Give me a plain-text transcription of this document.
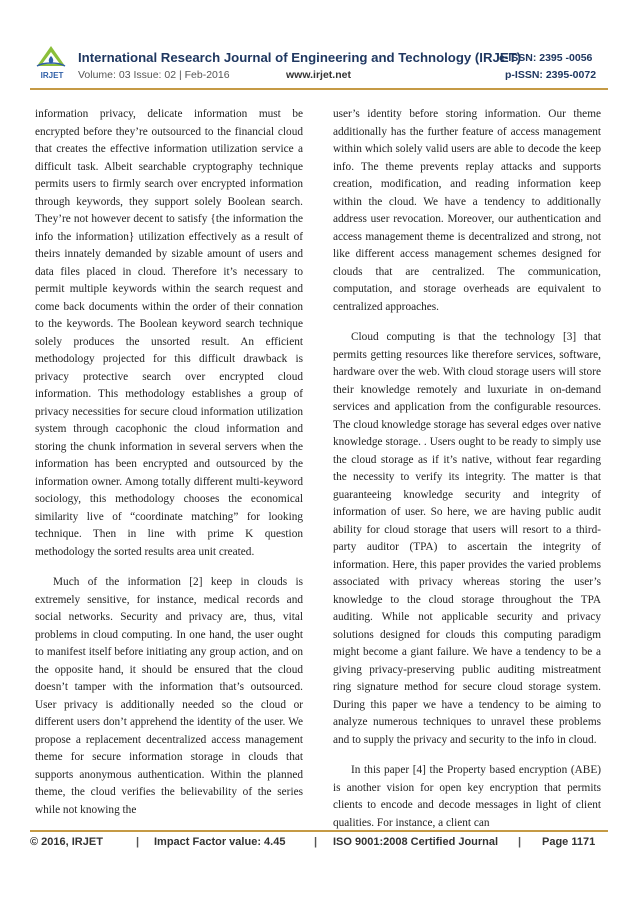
IRJET
International Research Journal of Engineering and Technology (IRJET)
Volume: 03 Issue: 02 | Feb-2016	www.irjet.net
e-ISSN: 2395 -0056
p-ISSN: 2395-0072

information privacy, delicate information must be encrypted before they’re outsourced to the financial cloud that creates the effective information utilization service a difficult task. Albeit searchable cryptography technique permits users to firmly search over encrypted information through keywords, they support solely Boolean search. They’re not however decent to satisfy {the information the info the information} utilization effectively as a result of theirs innately demanded by sizable amount of users and data files placed in cloud. Therefore it’s necessary to permit multiple keywords within the search request and come back documents within the order of their connation to the keywords. The Boolean keyword search technique solely produces the unsorted result. An efficient methodology projected for this difficult drawback is privacy protective search over encrypted cloud information. This methodology establishes a group of privacy necessities for secure cloud information utilization system through cacophonic the cloud information and storing the chunk information in several servers when the information has been encrypted and outsourced by the information owner. Among totally different multi-keyword sociology, this methodology chooses the economical similarity live of “coordinate matching” for looking technique. Then in line with prime K question methodology the sorted results area unit created.

Much of the information [2] keep in clouds is extremely sensitive, for instance, medical records and social networks. Security and privacy are, thus, vital problems in cloud computing. In one hand, the user ought to manifest itself before initiating any group action, and on the opposite hand, it should be ensured that the cloud doesn’t tamper with the information that’s outsourced. User privacy is additionally needed so the cloud or different users don’t apprehend the identity of the user. We propose a replacement decentralized access management theme for secure information storage in clouds that supports anonymous authentication. Within the planned theme, the cloud verifies the believability of the series while not knowing the

user’s identity before storing information. Our theme additionally has the further feature of access management within which solely valid users are able to decode the keep info. The theme prevents replay attacks and supports creation, modification, and reading information keep within the cloud. We have a tendency to additionally address user revocation. Moreover, our authentication and access management theme is decentralized and strong, not like different access management schemes designed for clouds that are centralized. The communication, computation, and storage overheads are equivalent to centralized approaches.

Cloud computing is that the technology [3] that permits getting resources like therefore services, software, hardware over the web. With cloud storage users will store their knowledge remotely and luxuriate in on-demand services and application from the configurable resources. The cloud knowledge storage has several edges over native knowledge storage. . Users ought to be ready to simply use the cloud storage as if it’s native, without fear regarding the necessity to verify its integrity. The matter is that guaranteeing knowledge security and integrity of information of user. So here, we are having public audit ability for cloud storage that users will resort to a third-party auditor (TPA) to ascertain the integrity of information. Here, this paper provides the varied problems associated with privacy whereas storing the user’s knowledge to the cloud storage throughout the TPA auditing. While not applicable security and privacy solutions designed for clouds this computing paradigm might become a giant failure. We have a tendency to be a giving privacy-preserving public auditing mistreatment ring signature method for secure cloud storage system. During this paper we have a tendency to be aiming to analyze numerous techniques to unravel these problems and to supply the privacy and security to the info in cloud.

In this paper [4] the Property based encryption (ABE) is another vision for open key encryption that permits clients to encode and decode messages in light of client qualities. For instance, a client can

© 2016, IRJET	| Impact Factor value: 4.45	| ISO 9001:2008 Certified Journal | Page 1171
